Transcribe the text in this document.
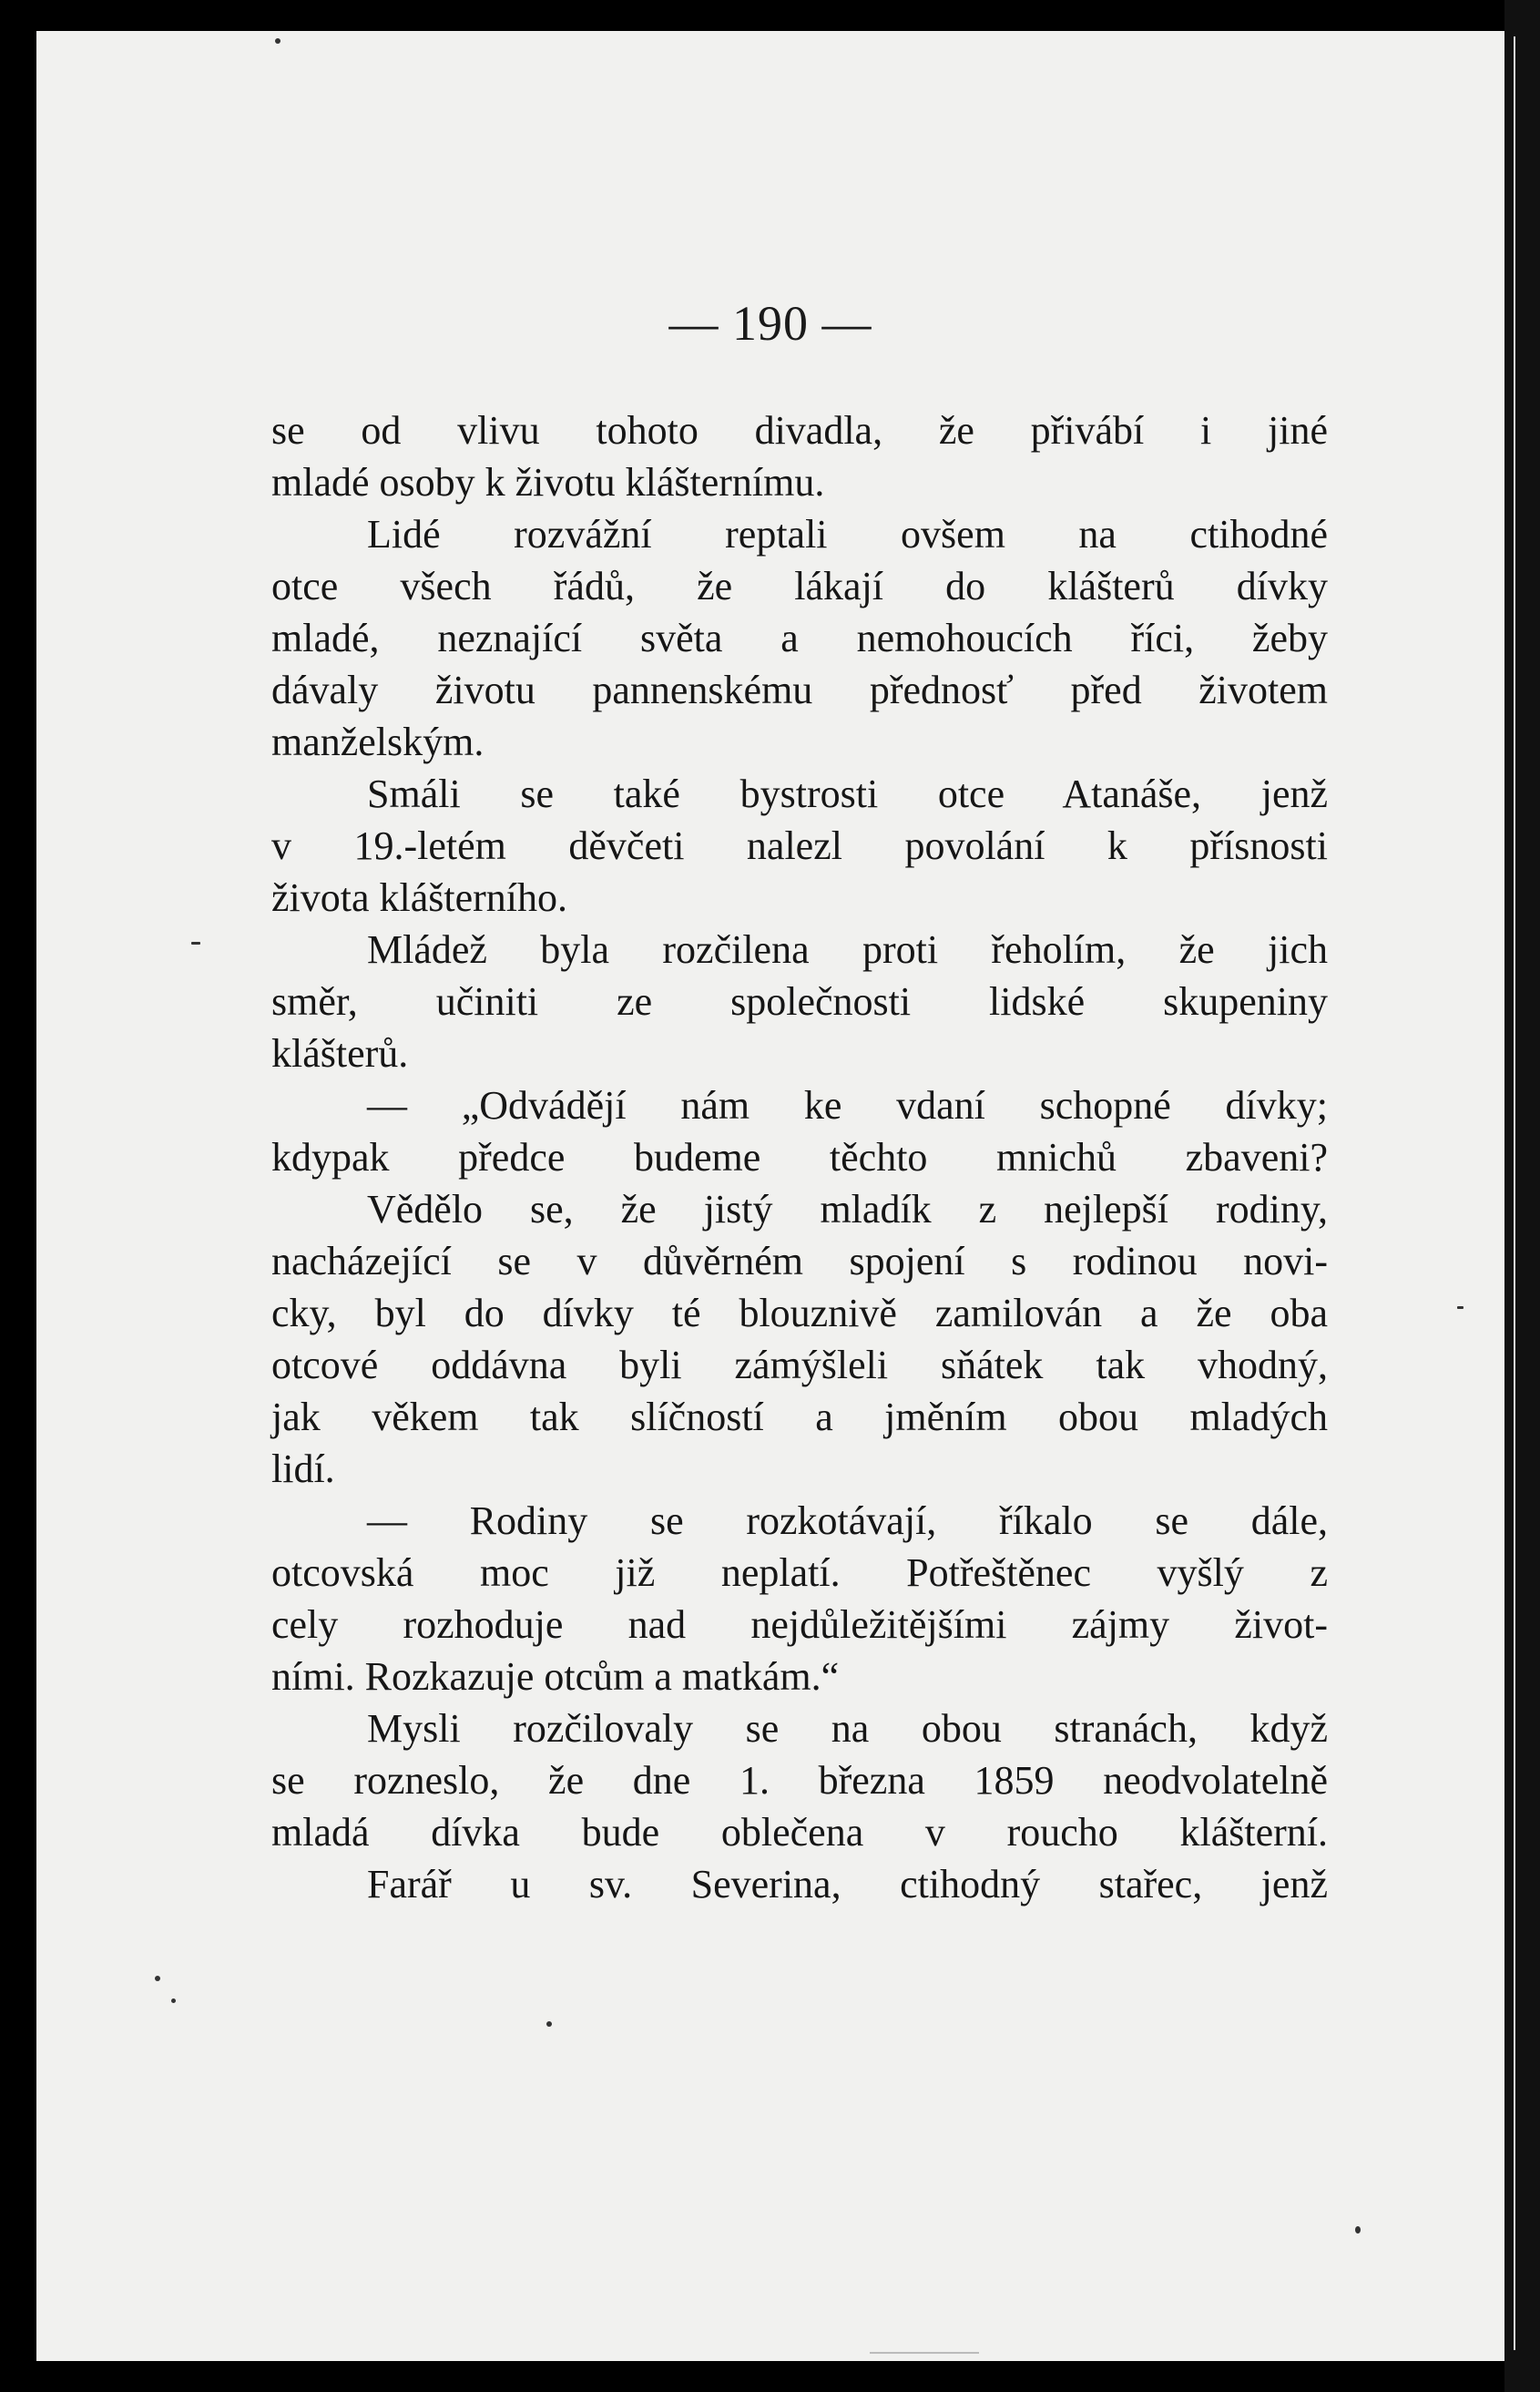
— 190 —
se od vlivu tohoto divadla, že přivábí i jiné
mladé osoby k životu klášternímu.
Lidé rozvážní reptali ovšem na ctihodné
otce všech řádů, že lákají do klášterů dívky
mladé, neznající světa a nemohoucích říci, žeby
dávaly životu pannenskému přednosť před životem
manželským.
Smáli se také bystrosti otce Atanáše, jenž
v 19.-letém děvčeti nalezl povolání k přísnosti
života klášterního.
Mládež byla rozčilena proti řeholím, že jich
směr, učiniti ze společnosti lidské skupeniny
klášterů.
— „Odvádějí nám ke vdaní schopné dívky;
kdypak předce budeme těchto mnichů zbaveni?
Vědělo se, že jistý mladík z nejlepší rodiny,
nacházející se v důvěrném spojení s rodinou novi-
cky, byl do dívky té blouznivě zamilován a že oba
otcové oddávna byli zámýšleli sňátek tak vhodný,
jak věkem tak slíčností a jměním obou mladých
lidí.
— Rodiny se rozkotávají, říkalo se dále,
otcovská moc již neplatí. Potřeštěnec vyšlý z
cely rozhoduje nad nejdůležitějšími zájmy život-
ními. Rozkazuje otcům a matkám.“
Mysli rozčilovaly se na obou stranách, když
se rozneslo, že dne 1. března 1859 neodvolatelně
mladá dívka bude oblečena v roucho klášterní.
Farář u sv. Severina, ctihodný stařec, jenž
